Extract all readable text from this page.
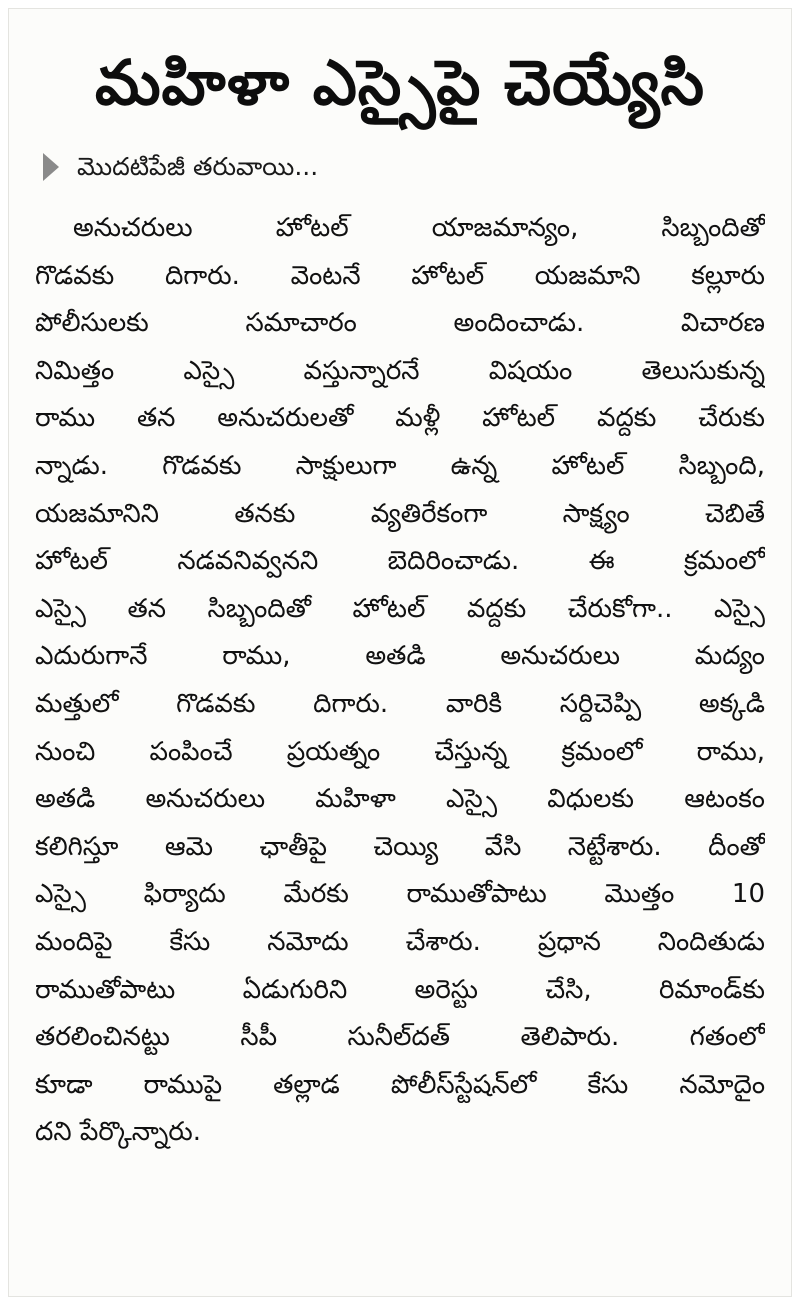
మహిళా ఎస్సైపై చెయ్యేసి
మొదటిపేజీ తరువాయి...
అనుచరులు హోటల్ యాజమాన్యం, సిబ్బందితో
గొడవకు దిగారు. వెంటనే హోటల్ యజమాని కల్లూరు
పోలీసులకు సమాచారం అందించాడు. విచారణ
నిమిత్తం ఎస్సై వస్తున్నారనే విషయం తెలుసుకున్న
రాము తన అనుచరులతో మళ్లీ హోటల్ వద్దకు చేరుకు
న్నాడు. గొడవకు సాక్షులుగా ఉన్న హోటల్ సిబ్బంది,
యజమానిని తనకు వ్యతిరేకంగా సాక్ష్యం చెబితే
హోటల్ నడవనివ్వనని బెదిరించాడు. ఈ క్రమంలో
ఎస్సై తన సిబ్బందితో హోటల్ వద్దకు చేరుకోగా.. ఎస్సై
ఎదురుగానే రాము, అతడి అనుచరులు మద్యం
మత్తులో గొడవకు దిగారు. వారికి సర్దిచెప్పి అక్కడి
నుంచి పంపించే ప్రయత్నం చేస్తున్న క్రమంలో రాము,
అతడి అనుచరులు మహిళా ఎస్సై విధులకు ఆటంకం
కలిగిస్తూ ఆమె ఛాతీపై చెయ్యి వేసి నెట్టేశారు. దీంతో
ఎస్సై ఫిర్యాదు మేరకు రాముతోపాటు మొత్తం 10
మందిపై కేసు నమోదు చేశారు. ప్రధాన నిందితుడు
రాముతోపాటు ఏడుగురిని అరెస్టు చేసి, రిమాండ్‌కు
తరలించినట్టు సీపీ సునీల్‌దత్ తెలిపారు. గతంలో
కూడా రాముపై తల్లాడ పోలీస్‌స్టేషన్‌లో కేసు నమోదైం
దని పేర్కొన్నారు.
